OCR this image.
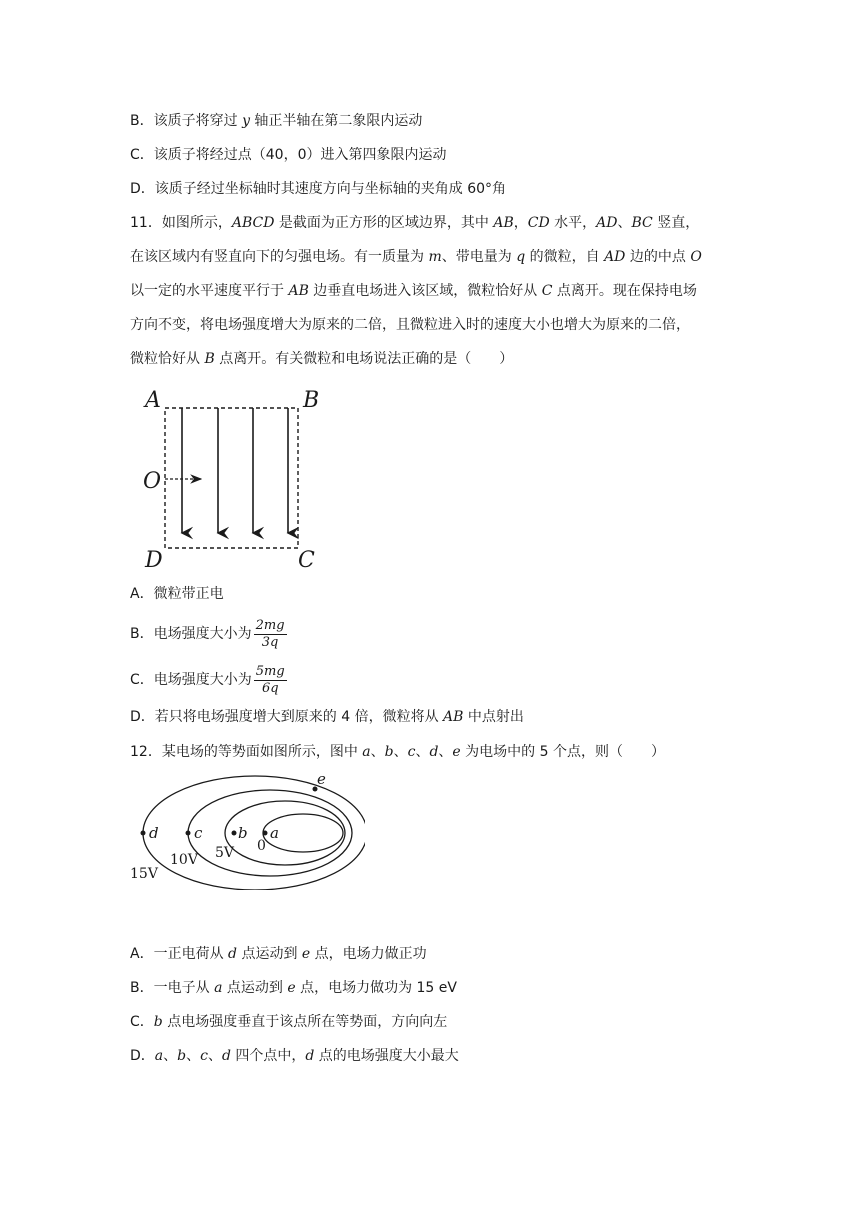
B．该质子将穿过 y 轴正半轴在第二象限内运动
C．该质子将经过点（40，0）进入第四象限内运动
D．该质子经过坐标轴时其速度方向与坐标轴的夹角成 60°角
11．如图所示，ABCD 是截面为正方形的区域边界，其中 AB，CD 水平，AD、BC 竖直，
在该区域内有竖直向下的匀强电场。有一质量为 m、带电量为 q 的微粒，自 AD 边的中点 O
以一定的水平速度平行于 AB 边垂直电场进入该区域，微粒恰好从 C 点离开。现在保持电场
方向不变，将电场强度增大为原来的二倍，且微粒进入时的速度大小也增大为原来的二倍，
微粒恰好从 B 点离开。有关微粒和电场说法正确的是（　　）
A	B
O
D	C
A．微粒带正电
B．电场强度大小为 $\frac{2mg}{3q}$
C．电场强度大小为 $\frac{5mg}{6q}$
D．若只将电场强度增大到原来的 4 倍，微粒将从 AB 中点射出
12．某电场的等势面如图所示，图中 a、b、c、d、e 为电场中的 5 个点，则（　　）
d c b a
e
0
5V
10V
15V
A．一正电荷从 d 点运动到 e 点，电场力做正功
B．一电子从 a 点运动到 e 点，电场力做功为 15 eV
C．b 点电场强度垂直于该点所在等势面，方向向左
D．a、b、c、d 四个点中，d 点的电场强度大小最大
